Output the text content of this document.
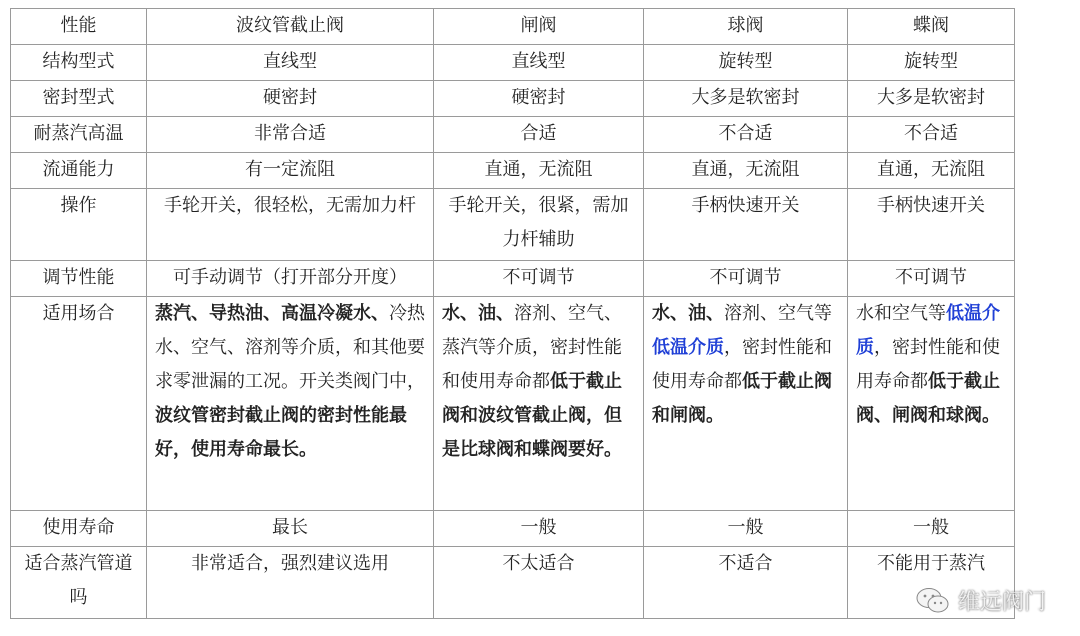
性能	波纹管截止阀	闸阀	球阀	蝶阀
结构型式	直线型	直线型	旋转型	旋转型
密封型式	硬密封	硬密封	大多是软密封	大多是软密封
耐蒸汽高温	非常合适	合适	不合适	不合适
流通能力	有一定流阻	直通，无流阻	直通，无流阻	直通，无流阻
操作	手轮开关，很轻松，无需加力杆	手轮开关，很紧，需加力杆辅助	手柄快速开关	手柄快速开关
调节性能	可手动调节（打开部分开度）	不可调节	不可调节	不可调节
适用场合	蒸汽、导热油、高温冷凝水、冷热水、空气、溶剂等介质，和其他要求零泄漏的工况。开关类阀门中，波纹管密封截止阀的密封性能最好，使用寿命最长。	水、油、溶剂、空气、蒸汽等介质，密封性能和使用寿命都低于截止阀和波纹管截止阀，但是比球阀和蝶阀要好。	水、油、溶剂、空气等低温介质，密封性能和使用寿命都低于截止阀和闸阀。	水和空气等低温介质，密封性能和使用寿命都低于截止阀、闸阀和球阀。
使用寿命	最长	一般	一般	一般
适合蒸汽管道吗	非常适合，强烈建议选用	不太适合	不适合	不能用于蒸汽
维远阀门
